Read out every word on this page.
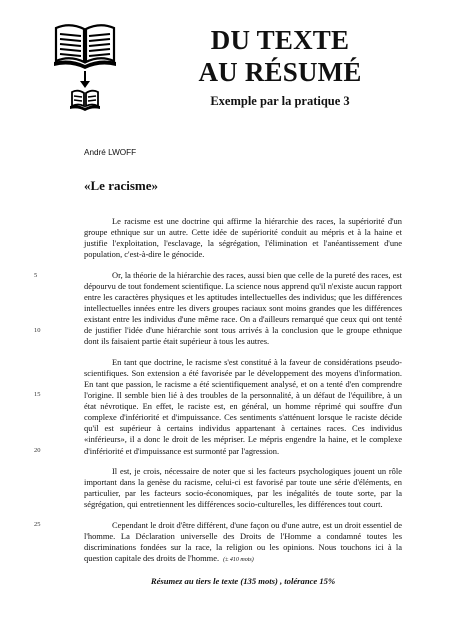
DU TEXTE
AU RÉSUMÉ
Exemple par la pratique 3
André LWOFF
«Le racisme»
5
10
15
20
25

Le racisme est une doctrine qui affirme la hiérarchie des races, la supériorité d'un groupe ethnique sur un autre. Cette idée de supériorité conduit au mépris et à la haine et justifie l'exploitation, l'esclavage, la ségrégation, l'élimination et l'anéantissement d'une population, c'est-à-dire le génocide.

Or, la théorie de la hiérarchie des races, aussi bien que celle de la pureté des races, est dépourvu de tout fondement scientifique. La science nous apprend qu'il n'existe aucun rapport entre les caractères physiques et les aptitudes intellectuelles des individus; que les différences intellectuelles innées entre les divers groupes raciaux sont moins grandes que les différences existant entre les individus d'une même race. On a d'ailleurs remarqué que ceux qui ont tenté de justifier l'idée d'une hiérarchie sont tous arrivés à la conclusion que le groupe ethnique dont ils faisaient partie était supérieur à tous les autres.

En tant que doctrine, le racisme s'est constitué à la faveur de considérations pseudo-scientifiques. Son extension a été favorisée par le développement des moyens d'information. En tant que passion, le racisme a été scientifiquement analysé, et on a tenté d'en comprendre l'origine. Il semble bien lié à des troubles de la personnalité, à un défaut de l'équilibre, à un état névrotique. En effet, le raciste est, en général, un homme réprimé qui souffre d'un complexe d'infériorité et d'impuissance. Ces sentiments s'atténuent lorsque le raciste décide qu'il est supérieur à certains individus appartenant à certaines races. Ces individus «inférieurs», il a donc le droit de les mépriser. Le mépris engendre la haine, et le complexe d'infériorité et d'impuissance est surmonté par l'agression.

Il est, je crois, nécessaire de noter que si les facteurs psychologiques jouent un rôle important dans la genèse du racisme, celui-ci est favorisé par toute une série d'éléments, en particulier, par les facteurs socio-économiques, par les inégalités de toute sorte, par la ségrégation, qui entretiennent les différences socio-culturelles, les différences tout court.

Cependant le droit d'être différent, d'une façon ou d'une autre, est un droit essentiel de l'homme. La Déclaration universelle des Droits de l'Homme a condamné toutes les discriminations fondées sur la race, la religion ou les opinions. Nous touchons ici à la question capitale des droits de l'homme. (± 410 mots)

Résumez au tiers le texte (135 mots) , tolérance 15%
